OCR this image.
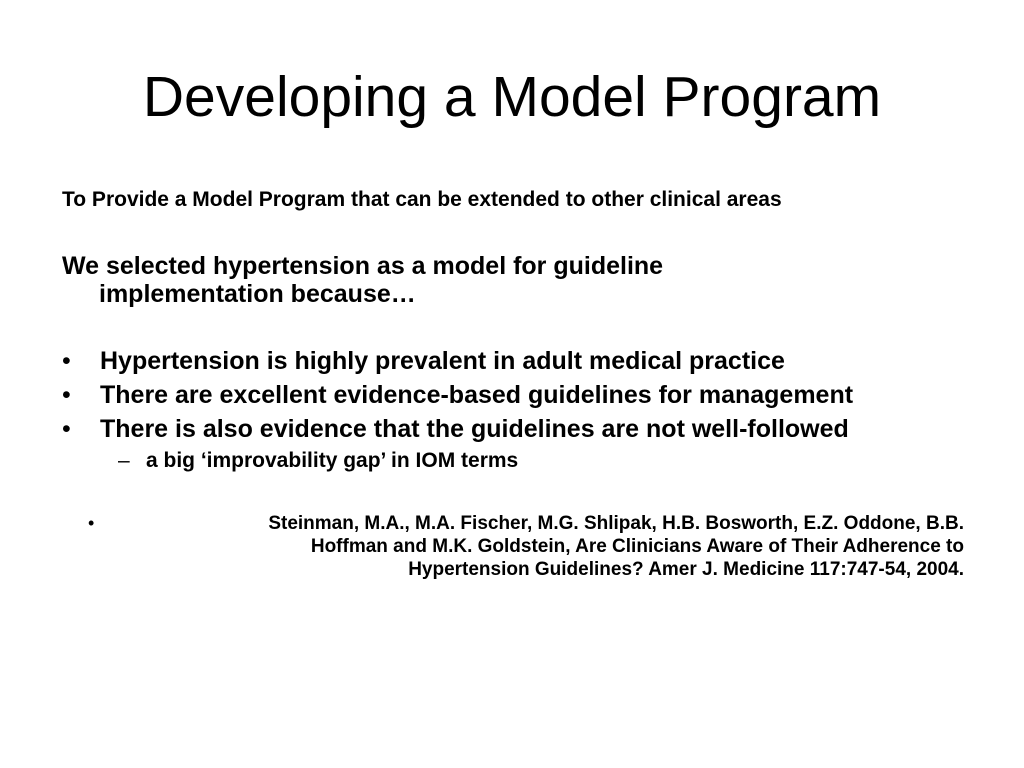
Developing a Model Program

To Provide a Model Program that can be extended to other clinical areas

We selected hypertension as a model for guideline
implementation because…

• Hypertension is highly prevalent in adult medical practice
• There are excellent evidence-based guidelines for management
• There is also evidence that the guidelines are not well-followed
– a big ‘improvability gap’ in IOM terms
•	Steinman, M.A., M.A. Fischer, M.G. Shlipak, H.B. Bosworth, E.Z. Oddone, B.B.
Hoffman and M.K. Goldstein, Are Clinicians Aware of Their Adherence to
Hypertension Guidelines? Amer J. Medicine 117:747-54, 2004.
